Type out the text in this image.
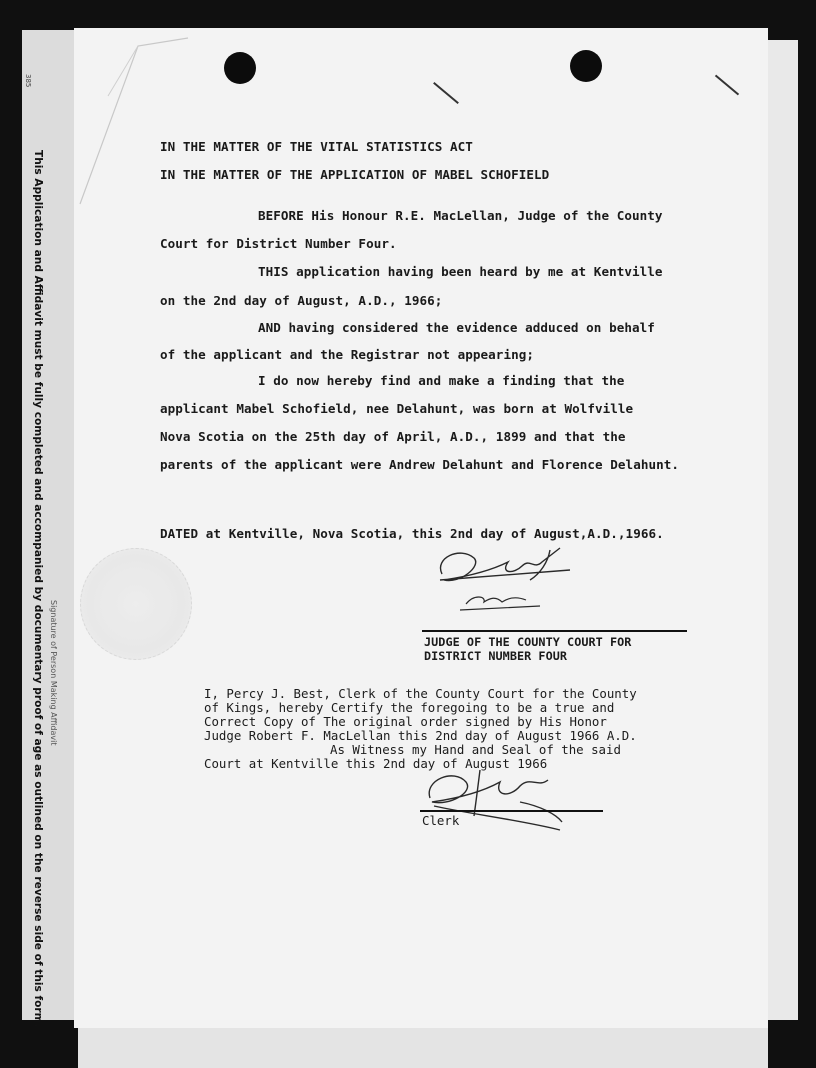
385
This Application and Affidavit must be fully completed and accompanied by documentary proof of age as outlined on the reverse side of this form. Signature of Person Making Affidavit
IN THE MATTER OF THE VITAL STATISTICS ACT
IN THE MATTER OF THE APPLICATION OF MABEL SCHOFIELD
BEFORE His Honour R.E. MacLellan, Judge of the County
Court for District Number Four.
THIS application having been heard by me at Kentville
on the 2nd day of August, A.D., 1966;
AND having considered the evidence adduced on behalf
of the applicant and the Registrar not appearing;
I do now hereby find and make a finding that the
applicant Mabel Schofield, nee Delahunt, was born at Wolfville
Nova Scotia on the 25th day of April, A.D., 1899 and that the
parents of the applicant were Andrew Delahunt and Florence Delahunt.
DATED at Kentville, Nova Scotia, this 2nd day of August,A.D.,1966.
JUDGE OF THE COUNTY COURT FOR
DISTRICT NUMBER FOUR
I, Percy J. Best, Clerk of the County Court for the County
of Kings, hereby Certify the foregoing to be a true and
Correct Copy of The original order signed by His Honor
Judge Robert F. MacLellan this 2nd day of August 1966 A.D.
As Witness my Hand and Seal of the said
Court at Kentville this 2nd day of August 1966
Clerk
